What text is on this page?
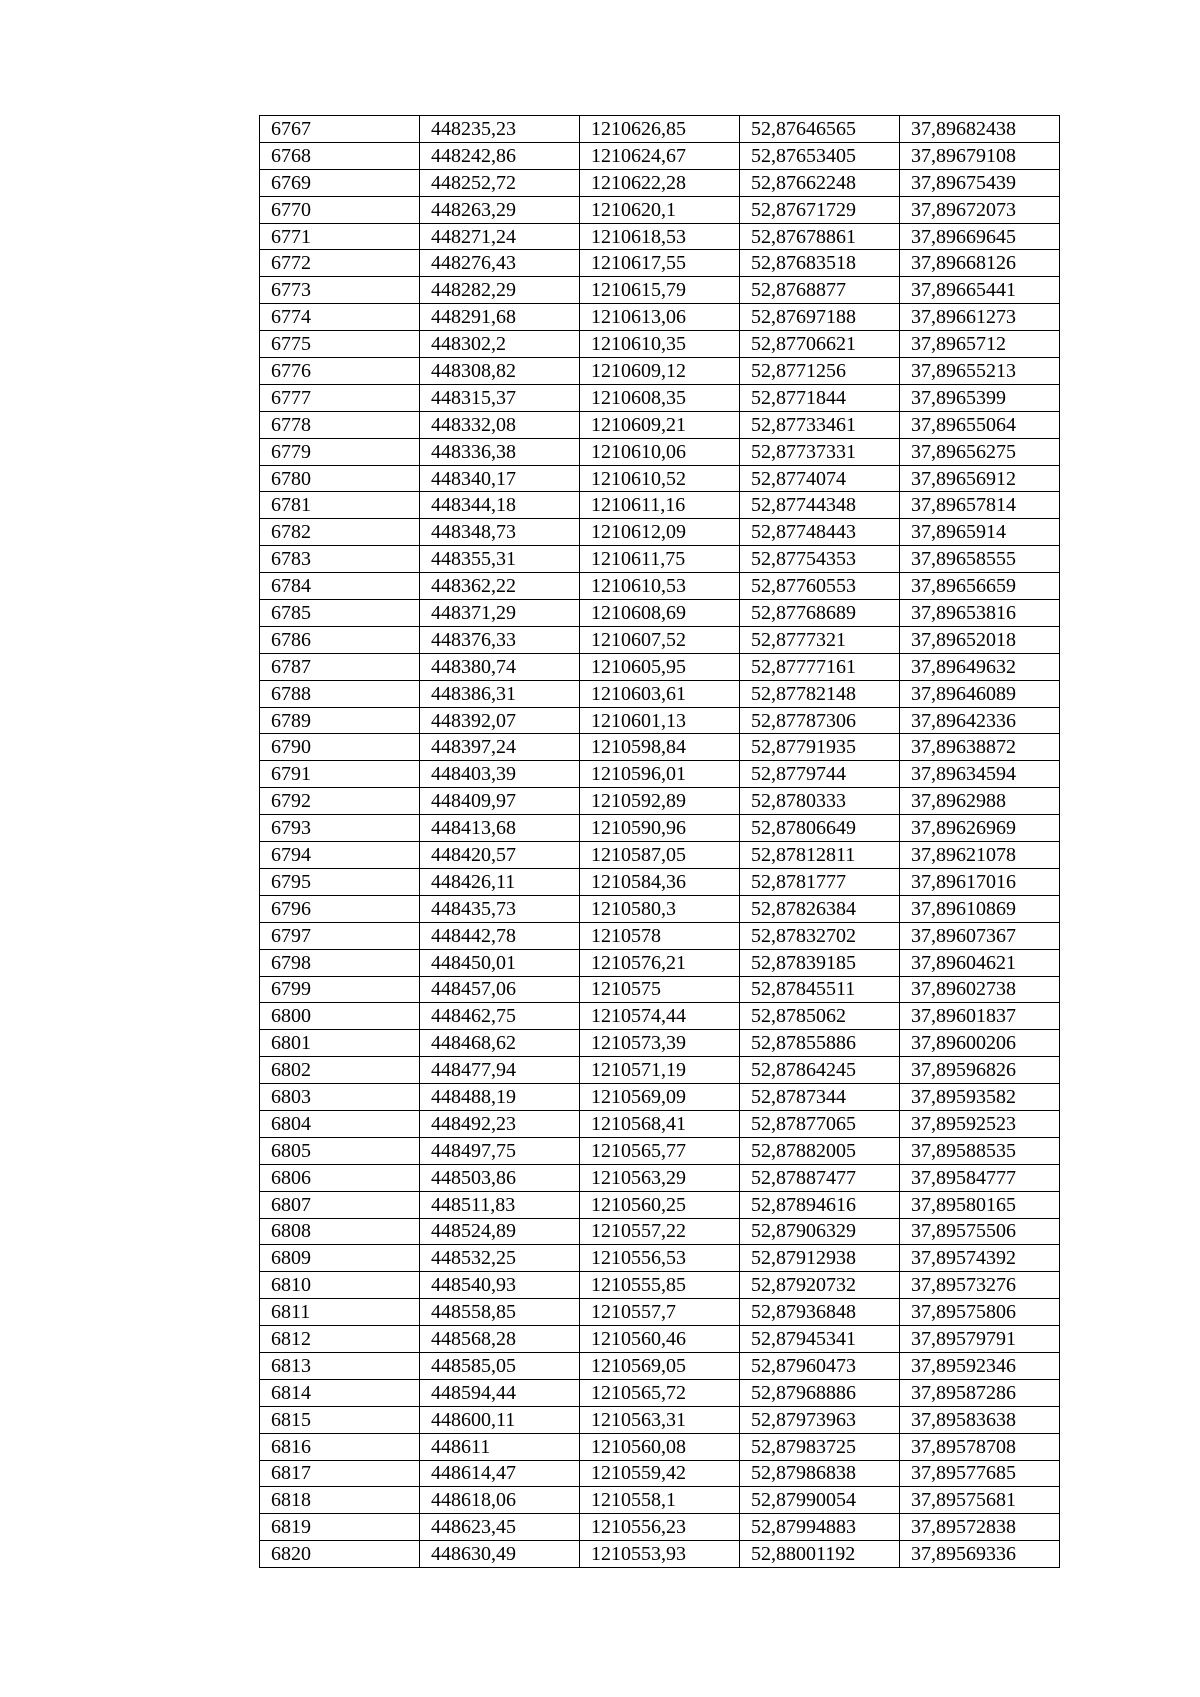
6767	448235,23	1210626,85	52,87646565	37,89682438
6768	448242,86	1210624,67	52,87653405	37,89679108
6769	448252,72	1210622,28	52,87662248	37,89675439
6770	448263,29	1210620,1	52,87671729	37,89672073
6771	448271,24	1210618,53	52,87678861	37,89669645
6772	448276,43	1210617,55	52,87683518	37,89668126
6773	448282,29	1210615,79	52,8768877	37,89665441
6774	448291,68	1210613,06	52,87697188	37,89661273
6775	448302,2	1210610,35	52,87706621	37,8965712
6776	448308,82	1210609,12	52,8771256	37,89655213
6777	448315,37	1210608,35	52,8771844	37,8965399
6778	448332,08	1210609,21	52,87733461	37,89655064
6779	448336,38	1210610,06	52,87737331	37,89656275
6780	448340,17	1210610,52	52,8774074	37,89656912
6781	448344,18	1210611,16	52,87744348	37,89657814
6782	448348,73	1210612,09	52,87748443	37,8965914
6783	448355,31	1210611,75	52,87754353	37,89658555
6784	448362,22	1210610,53	52,87760553	37,89656659
6785	448371,29	1210608,69	52,87768689	37,89653816
6786	448376,33	1210607,52	52,8777321	37,89652018
6787	448380,74	1210605,95	52,87777161	37,89649632
6788	448386,31	1210603,61	52,87782148	37,89646089
6789	448392,07	1210601,13	52,87787306	37,89642336
6790	448397,24	1210598,84	52,87791935	37,89638872
6791	448403,39	1210596,01	52,8779744	37,89634594
6792	448409,97	1210592,89	52,8780333	37,8962988
6793	448413,68	1210590,96	52,87806649	37,89626969
6794	448420,57	1210587,05	52,87812811	37,89621078
6795	448426,11	1210584,36	52,8781777	37,89617016
6796	448435,73	1210580,3	52,87826384	37,89610869
6797	448442,78	1210578	52,87832702	37,89607367
6798	448450,01	1210576,21	52,87839185	37,89604621
6799	448457,06	1210575	52,87845511	37,89602738
6800	448462,75	1210574,44	52,8785062	37,89601837
6801	448468,62	1210573,39	52,87855886	37,89600206
6802	448477,94	1210571,19	52,87864245	37,89596826
6803	448488,19	1210569,09	52,8787344	37,89593582
6804	448492,23	1210568,41	52,87877065	37,89592523
6805	448497,75	1210565,77	52,87882005	37,89588535
6806	448503,86	1210563,29	52,87887477	37,89584777
6807	448511,83	1210560,25	52,87894616	37,89580165
6808	448524,89	1210557,22	52,87906329	37,89575506
6809	448532,25	1210556,53	52,87912938	37,89574392
6810	448540,93	1210555,85	52,87920732	37,89573276
6811	448558,85	1210557,7	52,87936848	37,89575806
6812	448568,28	1210560,46	52,87945341	37,89579791
6813	448585,05	1210569,05	52,87960473	37,89592346
6814	448594,44	1210565,72	52,87968886	37,89587286
6815	448600,11	1210563,31	52,87973963	37,89583638
6816	448611	1210560,08	52,87983725	37,89578708
6817	448614,47	1210559,42	52,87986838	37,89577685
6818	448618,06	1210558,1	52,87990054	37,89575681
6819	448623,45	1210556,23	52,87994883	37,89572838
6820	448630,49	1210553,93	52,88001192	37,89569336
